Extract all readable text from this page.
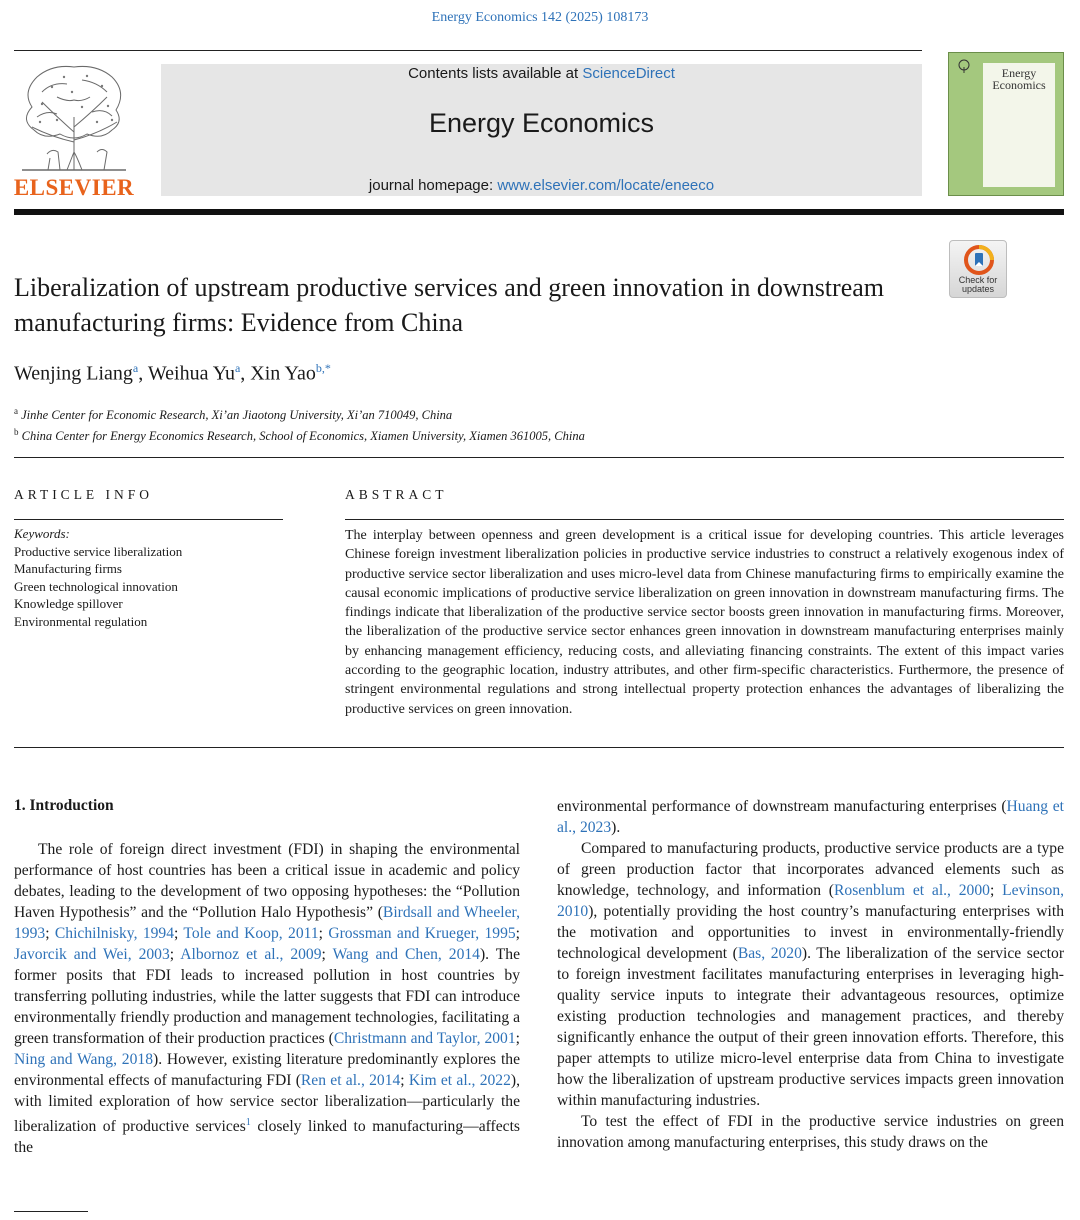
Energy Economics 142 (2025) 108173
ELSEVIER
Contents lists available at ScienceDirect
Energy Economics
journal homepage: www.elsevier.com/locate/eneeco
Energy Economics
Check for updates
Liberalization of upstream productive services and green innovation in downstream manufacturing firms: Evidence from China
Wenjing Liang$^a$, Weihua Yu$^a$, Xin Yao$^{b,*}$
$^a$ Jinhe Center for Economic Research, Xi’an Jiaotong University, Xi’an 710049, China
$^b$ China Center for Energy Economics Research, School of Economics, Xiamen University, Xiamen 361005, China
ARTICLE INFO	ABSTRACT
Keywords:
Productive service liberalization
Manufacturing firms
Green technological innovation
Knowledge spillover
Environmental regulation
The interplay between openness and green development is a critical issue for developing countries. This article leverages Chinese foreign investment liberalization policies in productive service industries to construct a relatively exogenous index of productive service sector liberalization and uses micro-level data from Chinese manufacturing firms to empirically examine the causal economic implications of productive service liberalization on green innovation in downstream manufacturing firms. The findings indicate that liberalization of the productive service sector boosts green innovation in manufacturing firms. Moreover, the liberalization of the productive service sector enhances green innovation in downstream manufacturing enterprises mainly by enhancing management efficiency, reducing costs, and alleviating financing constraints. The extent of this impact varies according to the geographic location, industry attributes, and other firm-specific characteristics. Furthermore, the presence of stringent environmental regulations and strong intellectual property protection enhances the advantages of liberalizing the productive services on green innovation.
1. Introduction

The role of foreign direct investment (FDI) in shaping the environmental performance of host countries has been a critical issue in academic and policy debates, leading to the development of two opposing hypotheses: the “Pollution Haven Hypothesis” and the “Pollution Halo Hypothesis” (Birdsall and Wheeler, 1993; Chichilnisky, 1994; Tole and Koop, 2011; Grossman and Krueger, 1995; Javorcik and Wei, 2003; Albornoz et al., 2009; Wang and Chen, 2014). The former posits that FDI leads to increased pollution in host countries by transferring polluting industries, while the latter suggests that FDI can introduce environmentally friendly production and management technologies, facilitating a green transformation of their production practices (Christmann and Taylor, 2001; Ning and Wang, 2018). However, existing literature predominantly explores the environmental effects of manufacturing FDI (Ren et al., 2014; Kim et al., 2022), with limited exploration of how service sector liberalization—particularly the liberalization of productive services$^1$ closely linked to manufacturing—affects the

environmental performance of downstream manufacturing enterprises (Huang et al., 2023).

Compared to manufacturing products, productive service products are a type of green production factor that incorporates advanced elements such as knowledge, technology, and information (Rosenblum et al., 2000; Levinson, 2010), potentially providing the host country’s manufacturing enterprises with the motivation and opportunities to invest in environmentally-friendly technological development (Bas, 2020). The liberalization of the service sector to foreign investment facilitates manufacturing enterprises in leveraging high-quality service inputs to integrate their advantageous resources, optimize existing production technologies and management practices, and thereby significantly enhance the output of their green innovation efforts. Therefore, this paper attempts to utilize micro-level enterprise data from China to investigate how the liberalization of upstream productive services impacts green innovation within manufacturing industries.

To test the effect of FDI in the productive service industries on green innovation among manufacturing enterprises, this study draws on the
